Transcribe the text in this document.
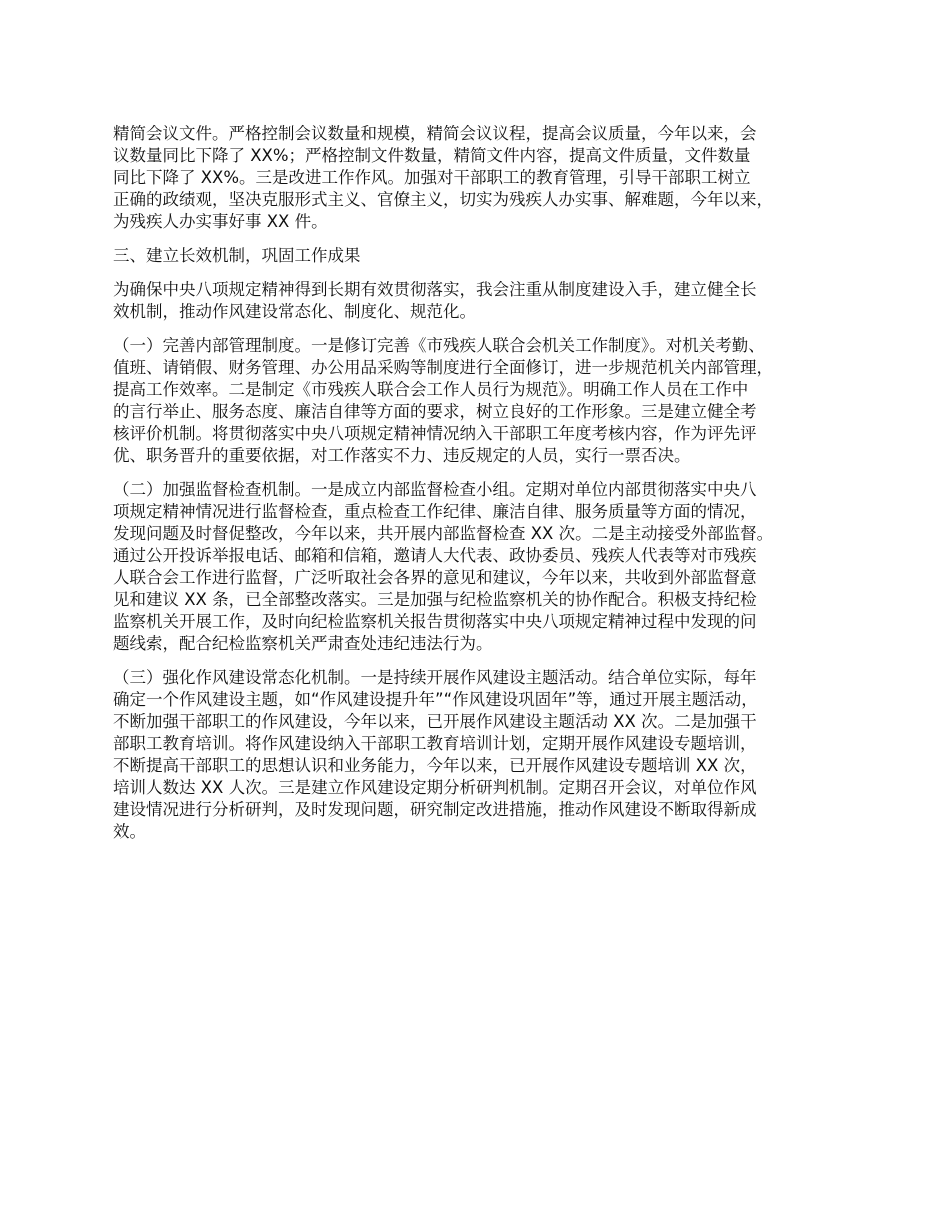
精简会议文件。严格控制会议数量和规模，精简会议议程，提高会议质量，今年以来，会
议数量同比下降了 XX%；严格控制文件数量，精简文件内容，提高文件质量，文件数量
同比下降了 XX%。三是改进工作作风。加强对干部职工的教育管理，引导干部职工树立
正确的政绩观，坚决克服形式主义、官僚主义，切实为残疾人办实事、解难题，今年以来，
为残疾人办实事好事 XX 件。

三、建立长效机制，巩固工作成果

为确保中央八项规定精神得到长期有效贯彻落实，我会注重从制度建设入手，建立健全长
效机制，推动作风建设常态化、制度化、规范化。

（一）完善内部管理制度。一是修订完善《市残疾人联合会机关工作制度》。对机关考勤、
值班、请销假、财务管理、办公用品采购等制度进行全面修订，进一步规范机关内部管理，
提高工作效率。二是制定《市残疾人联合会工作人员行为规范》。明确工作人员在工作中
的言行举止、服务态度、廉洁自律等方面的要求，树立良好的工作形象。三是建立健全考
核评价机制。将贯彻落实中央八项规定精神情况纳入干部职工年度考核内容，作为评先评
优、职务晋升的重要依据，对工作落实不力、违反规定的人员，实行一票否决。

（二）加强监督检查机制。一是成立内部监督检查小组。定期对单位内部贯彻落实中央八
项规定精神情况进行监督检查，重点检查工作纪律、廉洁自律、服务质量等方面的情况，
发现问题及时督促整改，今年以来，共开展内部监督检查 XX 次。二是主动接受外部监督。
通过公开投诉举报电话、邮箱和信箱，邀请人大代表、政协委员、残疾人代表等对市残疾
人联合会工作进行监督，广泛听取社会各界的意见和建议，今年以来，共收到外部监督意
见和建议 XX 条，已全部整改落实。三是加强与纪检监察机关的协作配合。积极支持纪检
监察机关开展工作，及时向纪检监察机关报告贯彻落实中央八项规定精神过程中发现的问
题线索，配合纪检监察机关严肃查处违纪违法行为。

（三）强化作风建设常态化机制。一是持续开展作风建设主题活动。结合单位实际，每年
确定一个作风建设主题，如“作风建设提升年”“作风建设巩固年”等，通过开展主题活动，
不断加强干部职工的作风建设，今年以来，已开展作风建设主题活动 XX 次。二是加强干
部职工教育培训。将作风建设纳入干部职工教育培训计划，定期开展作风建设专题培训，
不断提高干部职工的思想认识和业务能力，今年以来，已开展作风建设专题培训 XX 次，
培训人数达 XX 人次。三是建立作风建设定期分析研判机制。定期召开会议，对单位作风
建设情况进行分析研判，及时发现问题，研究制定改进措施，推动作风建设不断取得新成
效。
